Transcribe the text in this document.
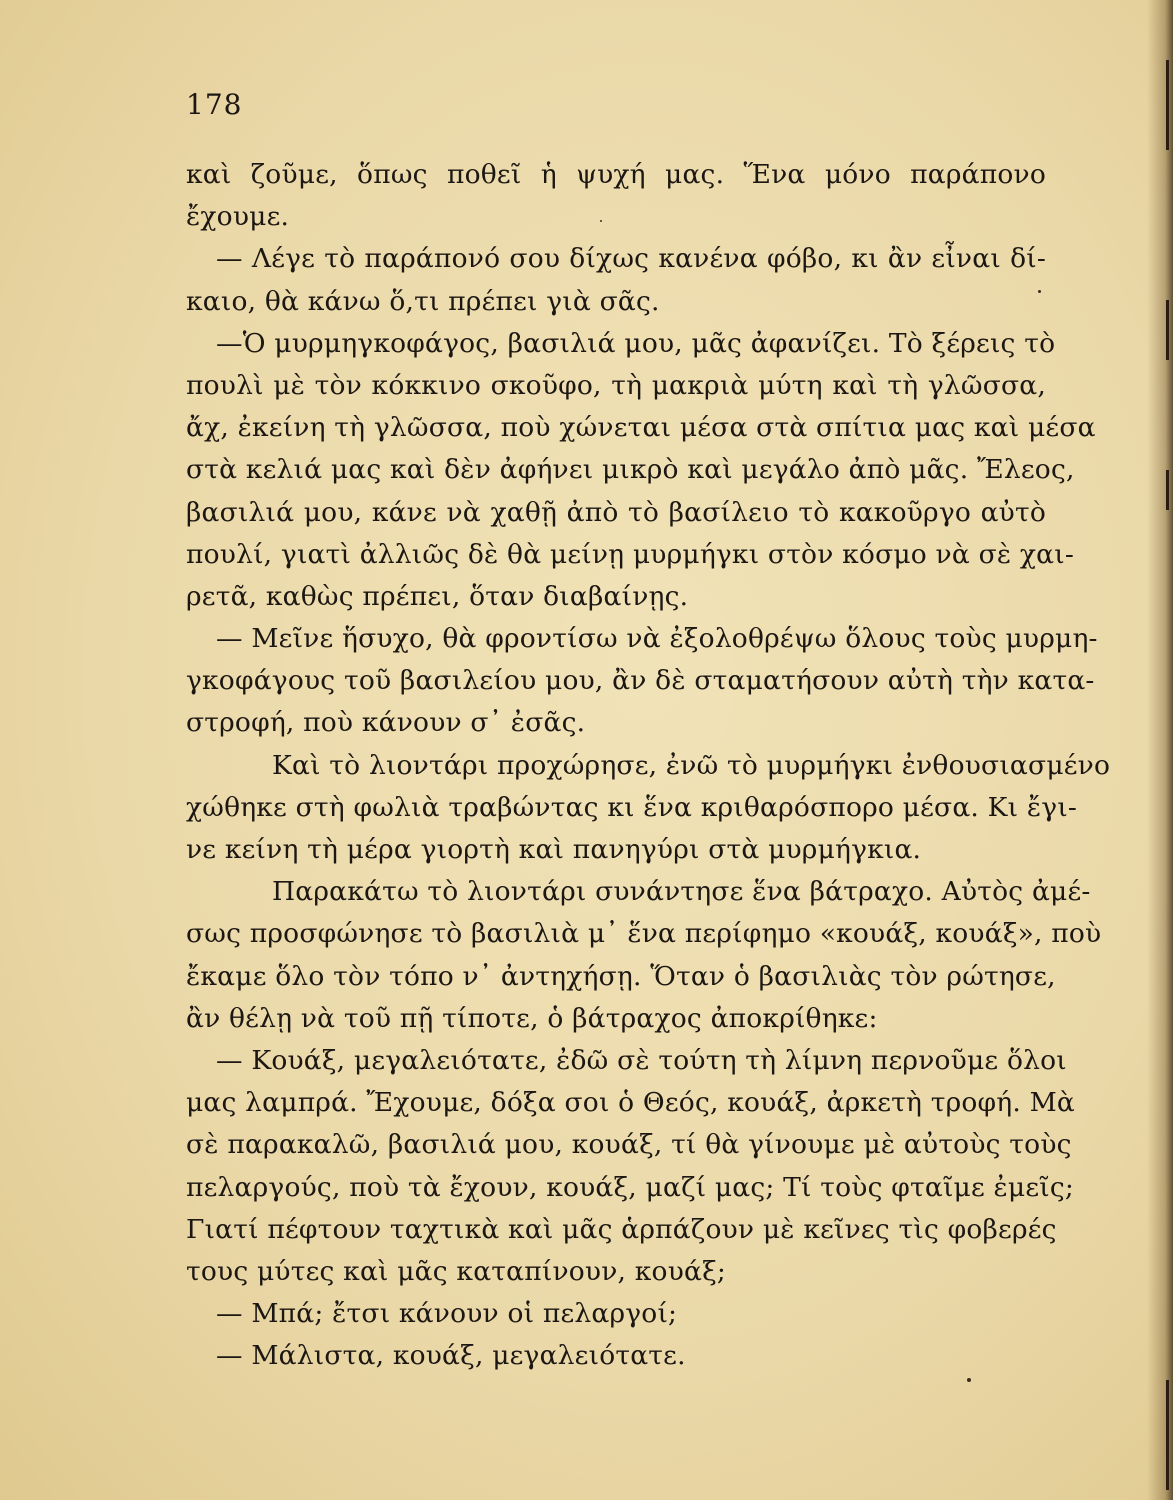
178
καὶ ζοῦμε, ὅπως ποθεῖ ἡ ψυχή μας. Ἕνα μόνο παράπονο
ἔχουμε.
— Λέγε τὸ παράπονό σου δίχως κανένα φόβο, κι ἂν εἶναι δί-
καιο, θὰ κάνω ὅ,τι πρέπει γιὰ σᾶς.
—Ὁ μυρμηγκοφάγος, βασιλιά μου, μᾶς ἀφανίζει. Τὸ ξέρεις τὸ
πουλὶ μὲ τὸν κόκκινο σκοῦφο, τὴ μακριὰ μύτη καὶ τὴ γλῶσσα,
ἄχ, ἐκείνη τὴ γλῶσσα, ποὺ χώνεται μέσα στὰ σπίτια μας καὶ μέσα
στὰ κελιά μας καὶ δὲν ἀφήνει μικρὸ καὶ μεγάλο ἀπὸ μᾶς. Ἔλεος,
βασιλιά μου, κάνε νὰ χαθῇ ἀπὸ τὸ βασίλειο τὸ κακοῦργο αὐτὸ
πουλί, γιατὶ ἀλλιῶς δὲ θὰ μείνῃ μυρμήγκι στὸν κόσμο νὰ σὲ χαι-
ρετᾶ, καθὼς πρέπει, ὅταν διαβαίνῃς.
— Μεῖνε ἥσυχο, θὰ φροντίσω νὰ ἐξολοθρέψω ὅλους τοὺς μυρμη-
γκοφάγους τοῦ βασιλείου μου, ἂν δὲ σταματήσουν αὐτὴ τὴν κατα-
στροφή, ποὺ κάνουν σ᾿ ἐσᾶς.
Καὶ τὸ λιοντάρι προχώρησε, ἐνῶ τὸ μυρμήγκι ἐνθουσιασμένο
χώθηκε στὴ φωλιὰ τραβώντας κι ἕνα κριθαρόσπορο μέσα. Κι ἔγι-
νε κείνη τὴ μέρα γιορτὴ καὶ πανηγύρι στὰ μυρμήγκια.
Παρακάτω τὸ λιοντάρι συνάντησε ἕνα βάτραχο. Αὐτὸς ἀμέ-
σως προσφώνησε τὸ βασιλιὰ μ᾿ ἕνα περίφημο «κουάξ, κουάξ», ποὺ
ἔκαμε ὅλο τὸν τόπο ν᾿ ἀντηχήσῃ. Ὅταν ὁ βασιλιὰς τὸν ρώτησε,
ἂν θέλῃ νὰ τοῦ πῇ τίποτε, ὁ βάτραχος ἀποκρίθηκε:
— Κουάξ, μεγαλειότατε, ἐδῶ σὲ τούτη τὴ λίμνη περνοῦμε ὅλοι
μας λαμπρά. Ἔχουμε, δόξα σοι ὁ Θεός, κουάξ, ἀρκετὴ τροφή. Μὰ
σὲ παρακαλῶ, βασιλιά μου, κουάξ, τί θὰ γίνουμε μὲ αὐτοὺς τοὺς
πελαργούς, ποὺ τὰ ἔχουν, κουάξ, μαζί μας; Τί τοὺς φταῖμε ἐμεῖς;
Γιατί πέφτουν ταχτικὰ καὶ μᾶς ἁρπάζουν μὲ κεῖνες τὶς φοβερές
τους μύτες καὶ μᾶς καταπίνουν, κουάξ;
— Μπά; ἔτσι κάνουν οἱ πελαργοί;
— Μάλιστα, κουάξ, μεγαλειότατε.
